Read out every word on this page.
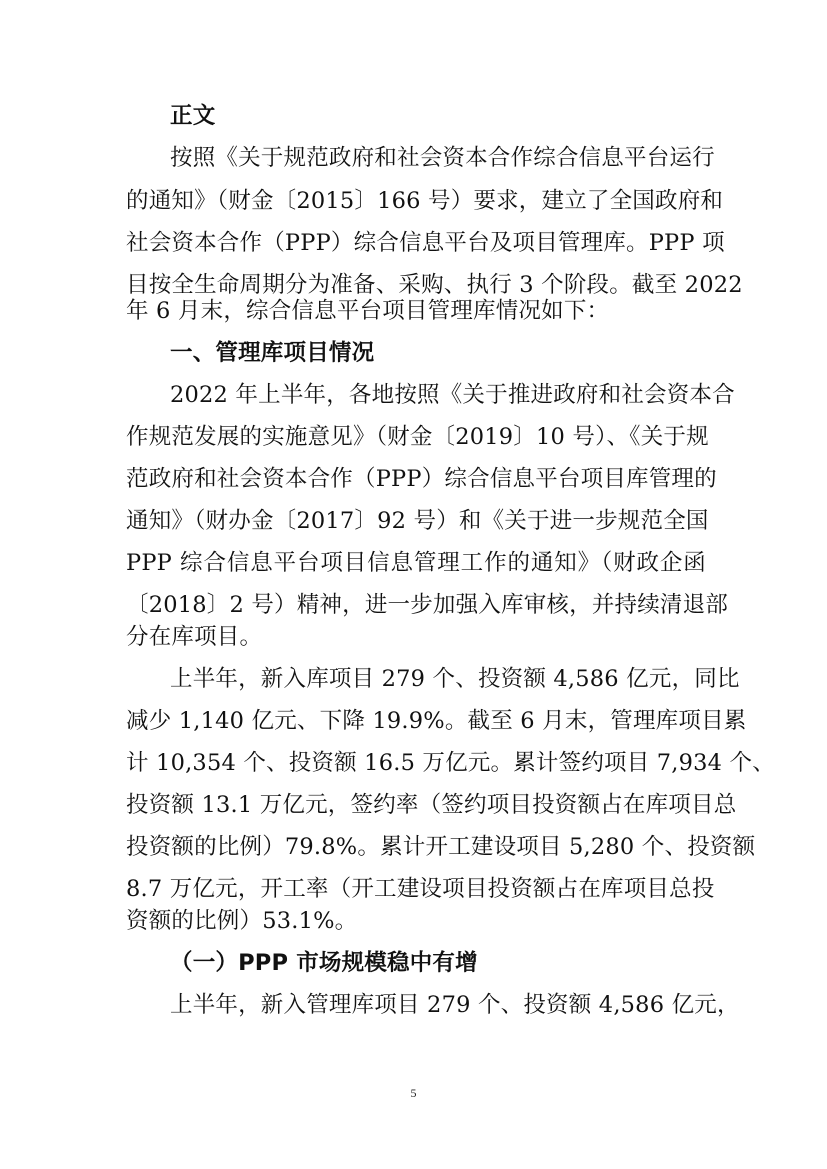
正文
按照《关于规范政府和社会资本合作综合信息平台运行
的通知》（财金〔2015〕166 号）要求，建立了全国政府和
社会资本合作（PPP）综合信息平台及项目管理库。PPP 项
目按全生命周期分为准备、采购、执行 3 个阶段。截至 2022
年 6 月末，综合信息平台项目管理库情况如下：
一、管理库项目情况
2022 年上半年，各地按照《关于推进政府和社会资本合
作规范发展的实施意见》（财金〔2019〕10 号）、《关于规
范政府和社会资本合作（PPP）综合信息平台项目库管理的
通知》（财办金〔2017〕92 号）和《关于进一步规范全国
PPP 综合信息平台项目信息管理工作的通知》（财政企函
〔2018〕2 号）精神，进一步加强入库审核，并持续清退部
分在库项目。
上半年，新入库项目 279 个、投资额 4,586 亿元，同比
减少 1,140 亿元、下降 19.9%。截至 6 月末，管理库项目累
计 10,354 个、投资额 16.5 万亿元。累计签约项目 7,934 个、
投资额 13.1 万亿元，签约率（签约项目投资额占在库项目总
投资额的比例）79.8%。累计开工建设项目 5,280 个、投资额
8.7 万亿元，开工率（开工建设项目投资额占在库项目总投
资额的比例）53.1%。
（一）PPP 市场规模稳中有增
上半年，新入管理库项目 279 个、投资额 4,586 亿元，
5
